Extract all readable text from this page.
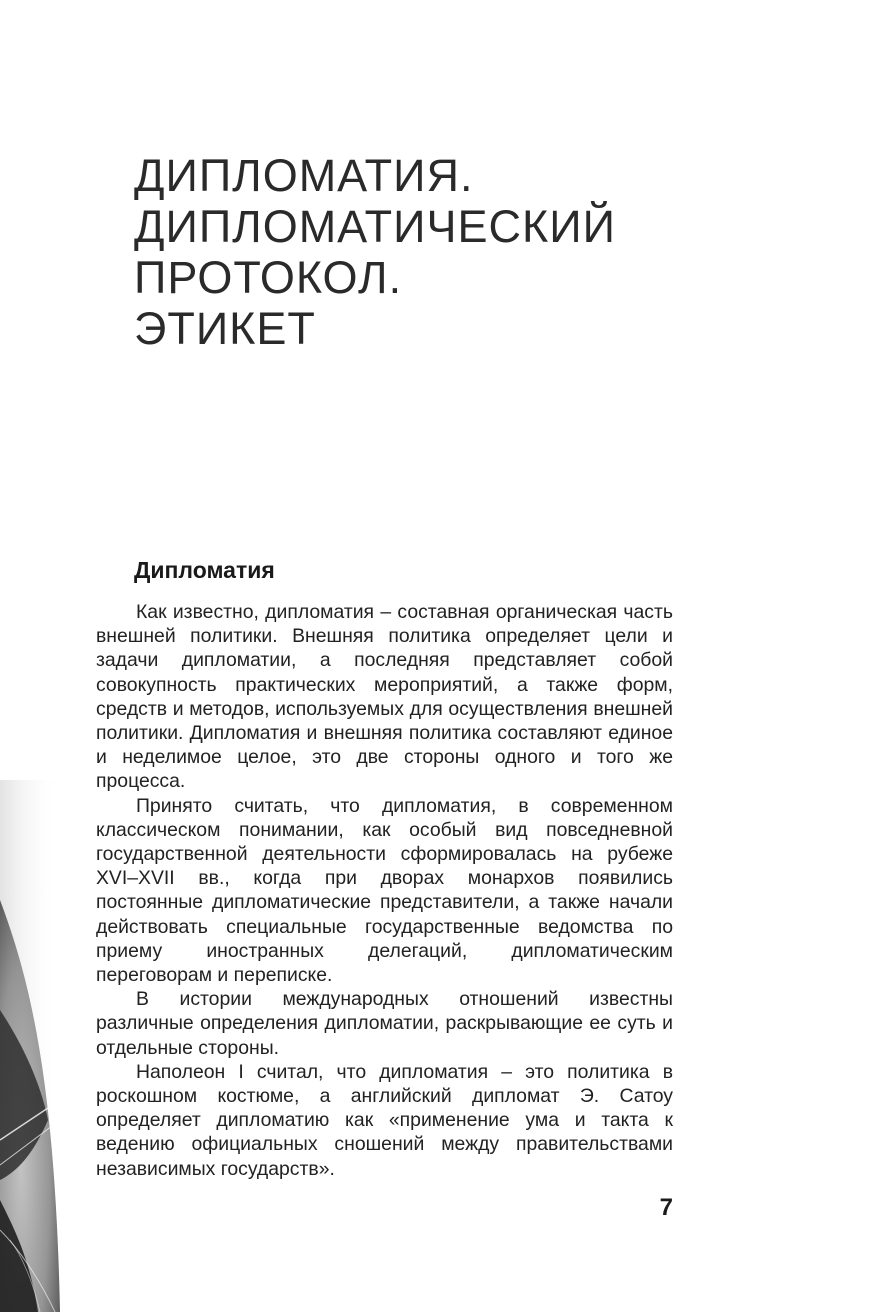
ДИПЛОМАТИЯ.
ДИПЛОМАТИЧЕСКИЙ
ПРОТОКОЛ.
ЭТИКЕТ
Дипломатия

Как известно, дипломатия – составная органическая часть внешней политики. Внешняя политика определяет цели и задачи дипломатии, а последняя представляет собой совокупность практических мероприятий, а также форм, средств и методов, используемых для осуществления внешней политики. Дипломатия и внешняя политика составляют единое и неделимое целое, это две стороны одного и того же процесса.

Принято считать, что дипломатия, в современном классическом понимании, как особый вид повседневной государственной деятельности сформировалась на рубеже XVI–XVII вв., когда при дворах монархов появились постоянные дипломатические представители, а также начали действовать специальные государственные ведомства по приему иностранных делегаций, дипломатическим переговорам и переписке.

В истории международных отношений известны различные определения дипломатии, раскрывающие ее суть и отдельные стороны.

Наполеон I считал, что дипломатия – это политика в роскошном костюме, а английский дипломат Э. Сатоу определяет дипломатию как «применение ума и такта к ведению официальных сношений между правительствами независимых государств».

7
